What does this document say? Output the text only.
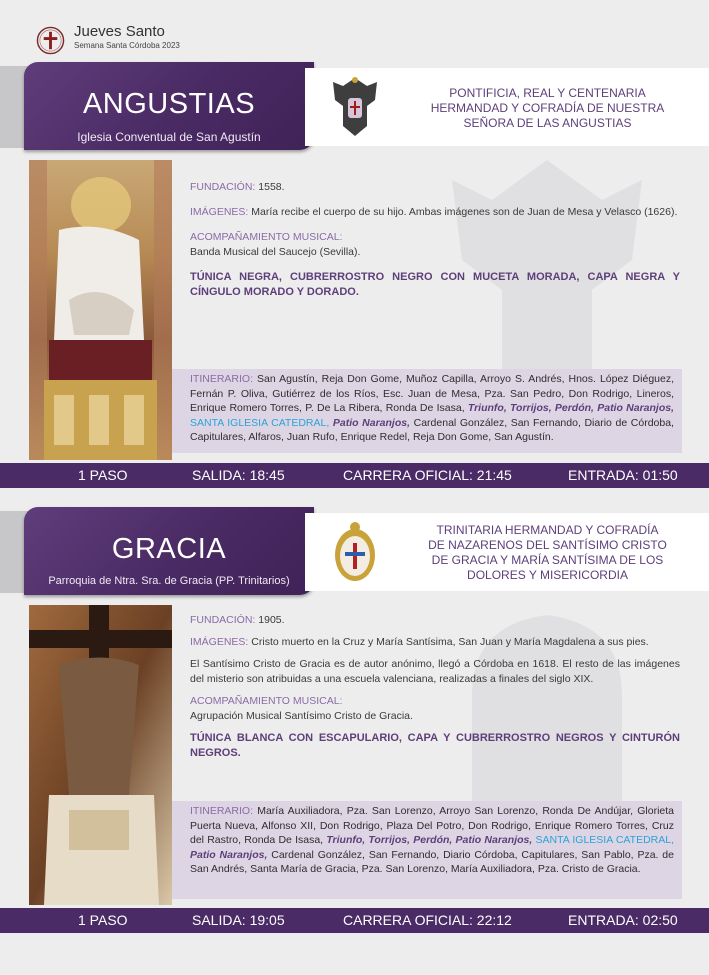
Jueves Santo
Semana Santa Córdoba 2023
ANGUSTIAS
Iglesia Conventual de San Agustín
PONTIFICIA, REAL Y CENTENARIA
HERMANDAD Y COFRADÍA DE NUESTRA
SEÑORA DE LAS ANGUSTIAS

FUNDACIÓN: 1558.

IMÁGENES: María recibe el cuerpo de su hijo. Ambas imágenes son de Juan de Mesa y Velasco (1626).

ACOMPAÑAMIENTO MUSICAL:
Banda Musical del Saucejo (Sevilla).

TÚNICA NEGRA, CUBRERROSTRO NEGRO CON MUCETA MORADA, CAPA NEGRA Y CÍNGULO MORADO Y DORADO.

ITINERARIO: San Agustín, Reja Don Gome, Muñoz Capilla, Arroyo S. Andrés, Hnos. López Diéguez, Fernán P. Oliva, Gutiérrez de los Ríos, Esc. Juan de Mesa, Pza. San Pedro, Don Rodrigo, Lineros, Enrique Romero Torres, P. De La Ribera, Ronda De Isasa, Triunfo, Torrijos, Perdón, Patio Naranjos, SANTA IGLESIA CATEDRAL, Patio Naranjos, Cardenal González, San Fernando, Diario de Córdoba, Capitulares, Alfaros, Juan Rufo, Enrique Redel, Reja Don Gome, San Agustín.
1 PASO	SALIDA: 18:45	CARRERA OFICIAL: 21:45	ENTRADA: 01:50
GRACIA
Parroquia de Ntra. Sra. de Gracia (PP. Trinitarios)
TRINITARIA HERMANDAD Y COFRADÍA
DE NAZARENOS DEL SANTÍSIMO CRISTO
DE GRACIA Y MARÍA SANTÍSIMA DE LOS
DOLORES Y MISERICORDIA

FUNDACIÓN: 1905.

IMÁGENES: Cristo muerto en la Cruz y María Santísima, San Juan y María Magdalena a sus pies.

El Santísimo Cristo de Gracia es de autor anónimo, llegó a Córdoba en 1618. El resto de las imágenes del misterio son atribuidas a una escuela valenciana, realizadas a finales del siglo XIX.

ACOMPAÑAMIENTO MUSICAL:
Agrupación Musical Santísimo Cristo de Gracia.

TÚNICA BLANCA CON ESCAPULARIO, CAPA Y CUBRERROSTRO NEGROS Y CINTURÓN NEGROS.

ITINERARIO: María Auxiliadora, Pza. San Lorenzo, Arroyo San Lorenzo, Ronda De Andújar, Glorieta Puerta Nueva, Alfonso XII, Don Rodrigo, Plaza Del Potro, Don Rodrigo, Enrique Romero Torres, Cruz del Rastro, Ronda De Isasa, Triunfo, Torrijos, Perdón, Patio Naranjos, SANTA IGLESIA CATEDRAL, Patio Naranjos, Cardenal González, San Fernando, Diario Córdoba, Capitulares, San Pablo, Pza. de San Andrés, Santa María de Gracia, Pza. San Lorenzo, María Auxiliadora, Pza. Cristo de Gracia.
1 PASO	SALIDA: 19:05	CARRERA OFICIAL: 22:12	ENTRADA: 02:50
